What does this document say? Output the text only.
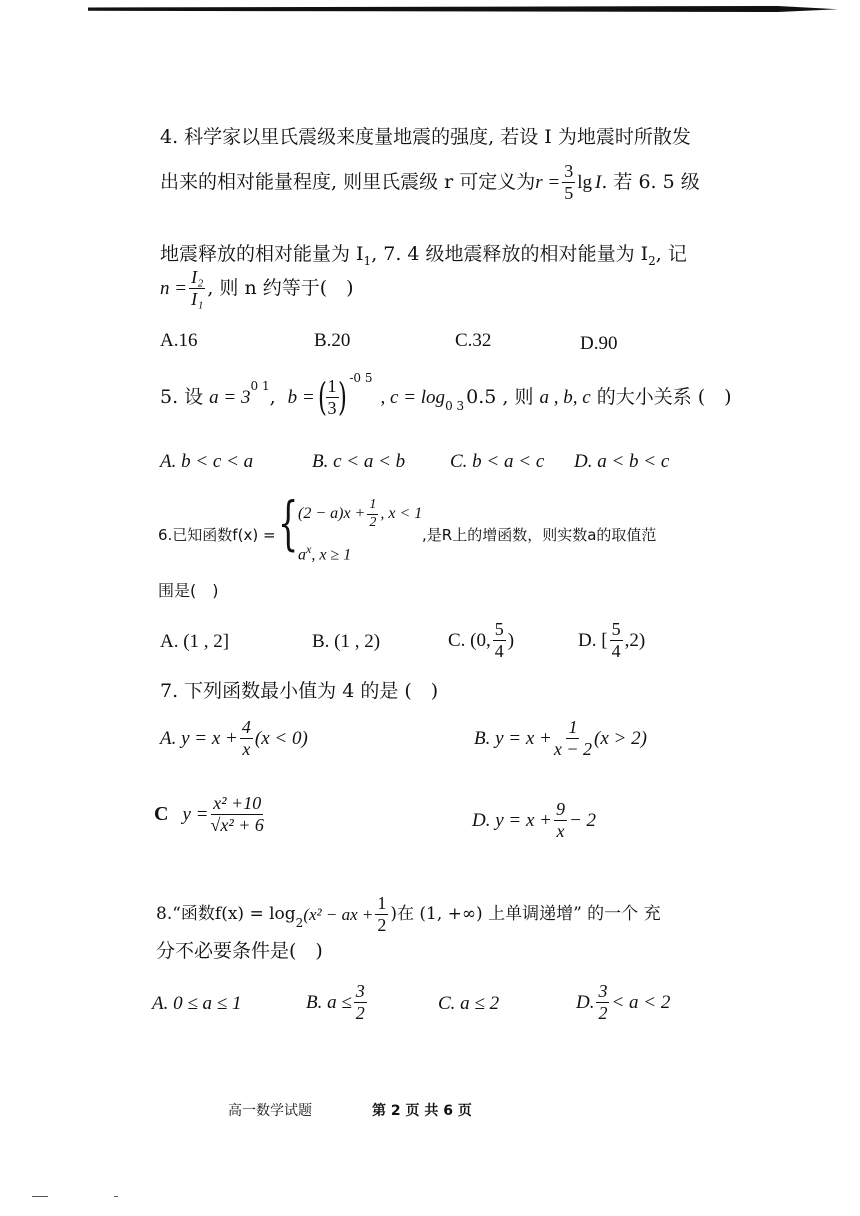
4. 科学家以里氏震级来度量地震的强度, 若设 I 为地震时所散发
出来的相对能量程度, 则里氏震级 r 可定义为 $r = \frac{3}{5}$ lg I . 若 6. 5 级
地震释放的相对能量为 $I_1$, 7. 4 级地震释放的相对能量为 $I_2$, 记
$n = \frac{\text{I₂}}{\text{I₁}}$ , 则 n 约等于(　)
A.16	B.20	C.32	D.90
5. 设 a = 3
$^{0 1}$ , b = (
$\frac{1}{3}$
)$^{-0 5}$
, $c = \log_{0 3} 0.5$ , 则 a , b, c 的大小关系 (　)
A. b < c < a	B. c < a < b C. b < a < c D. a < b < c
6.已知函数f(x) = { $(2 - a)x + \frac{1}{2}$ , x < 1
$a^x$, x ≥ 1
,是R上的增函数，则实数a的取值范
围是(　)
A. (1 , 2]	B. (1 , 2)	C. (0, $\frac{5}{4}$ )	D. [ $\frac{5}{4} ,2$)
7. 下列函数最小值为 4 的是 (　)
A. $y = x + \frac{4}{x} (x < 0)$	B. $y = x + \frac{1}{x - 2} (x > 2)$
C $y = \frac{\text{x² +10}}{\text{√x² + 6}}$	D. $y = x + \frac{9}{x} - 2$
8.“函数$f(x) = \log_2 (x^2$ − ax + $\frac{1}{2}$ )在 (1, +∞) 上单调递增” 的一个 充
分不必要条件是(　)
A. 0 ≤ a ≤ 1	B. $a \le \frac{3}{2}$	C. a ≤ 2	D. $\frac{3}{2} < a < 2$
高一数学试题	第 2 页 共 6 页
